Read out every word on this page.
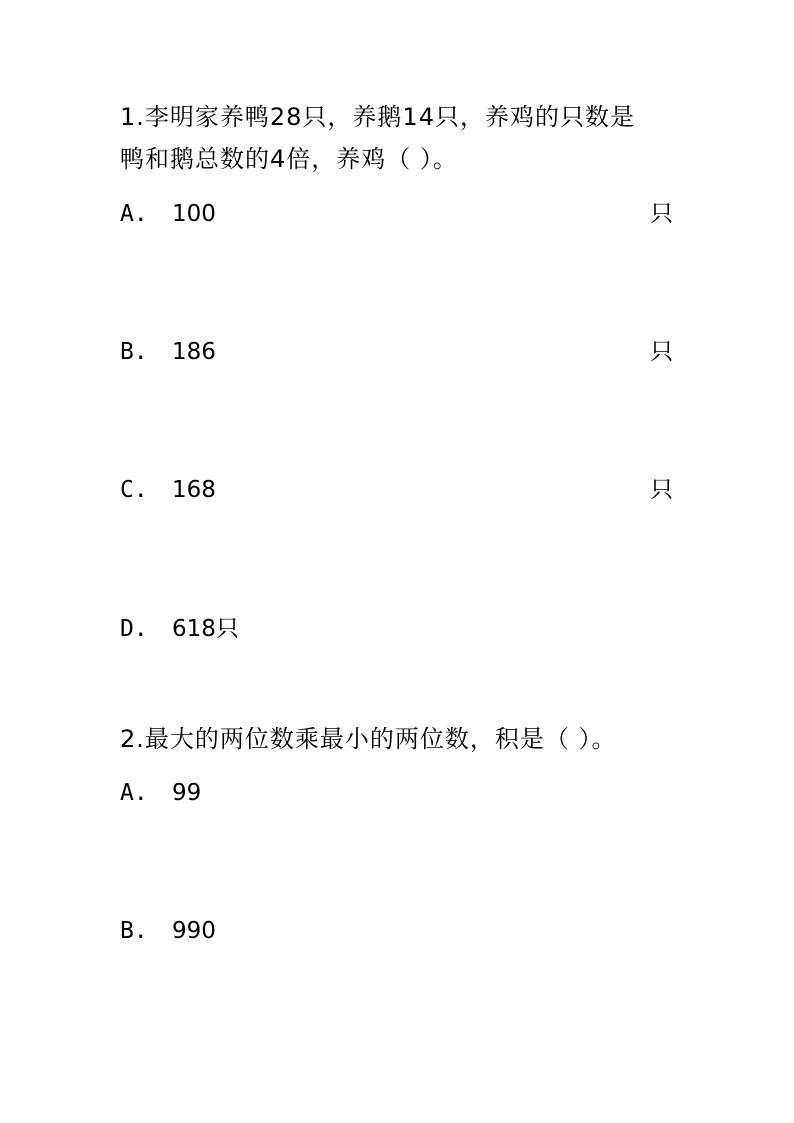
1.李明家养鸭28只，养鹅14只，养鸡的只数是
鸭和鹅总数的4倍，养鸡（ ）。
A. 100	只
B. 186	只
C. 168	只
D. 618只
2.最大的两位数乘最小的两位数，积是（ ）。
A. 99
B. 990
